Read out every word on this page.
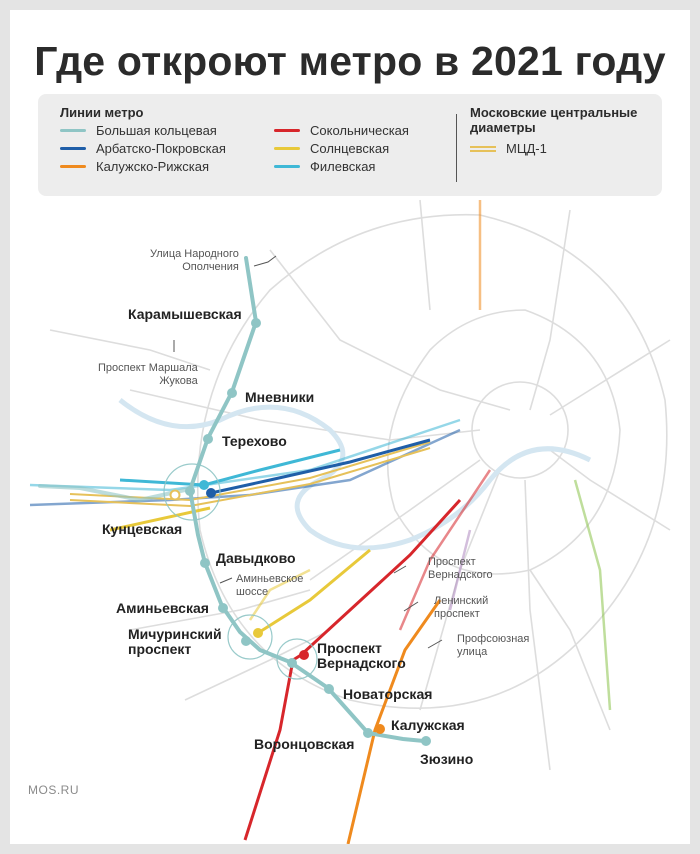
Где откроют метро в 2021 году
Линии метро
Большая кольцевая
Арбатско-Покровская
Калужско-Рижская
Сокольническая
Солнцевская
Филевская
Московские центральные диаметры
МЦД-1
Карамышевская
Мневники
Терехово
Кунцевская
Давыдково
Аминьевская
Мичуринский
проспект	Проспект
Вернадского
Новаторская
Калужская
Воронцовская
Зюзино
Улица Народного
Ополчения
Проспект Маршала
Жукова
Аминьевское
шоссе
Проспект
Вернадского
Ленинский
проспект
Профсоюзная
улица
MOS.RU
